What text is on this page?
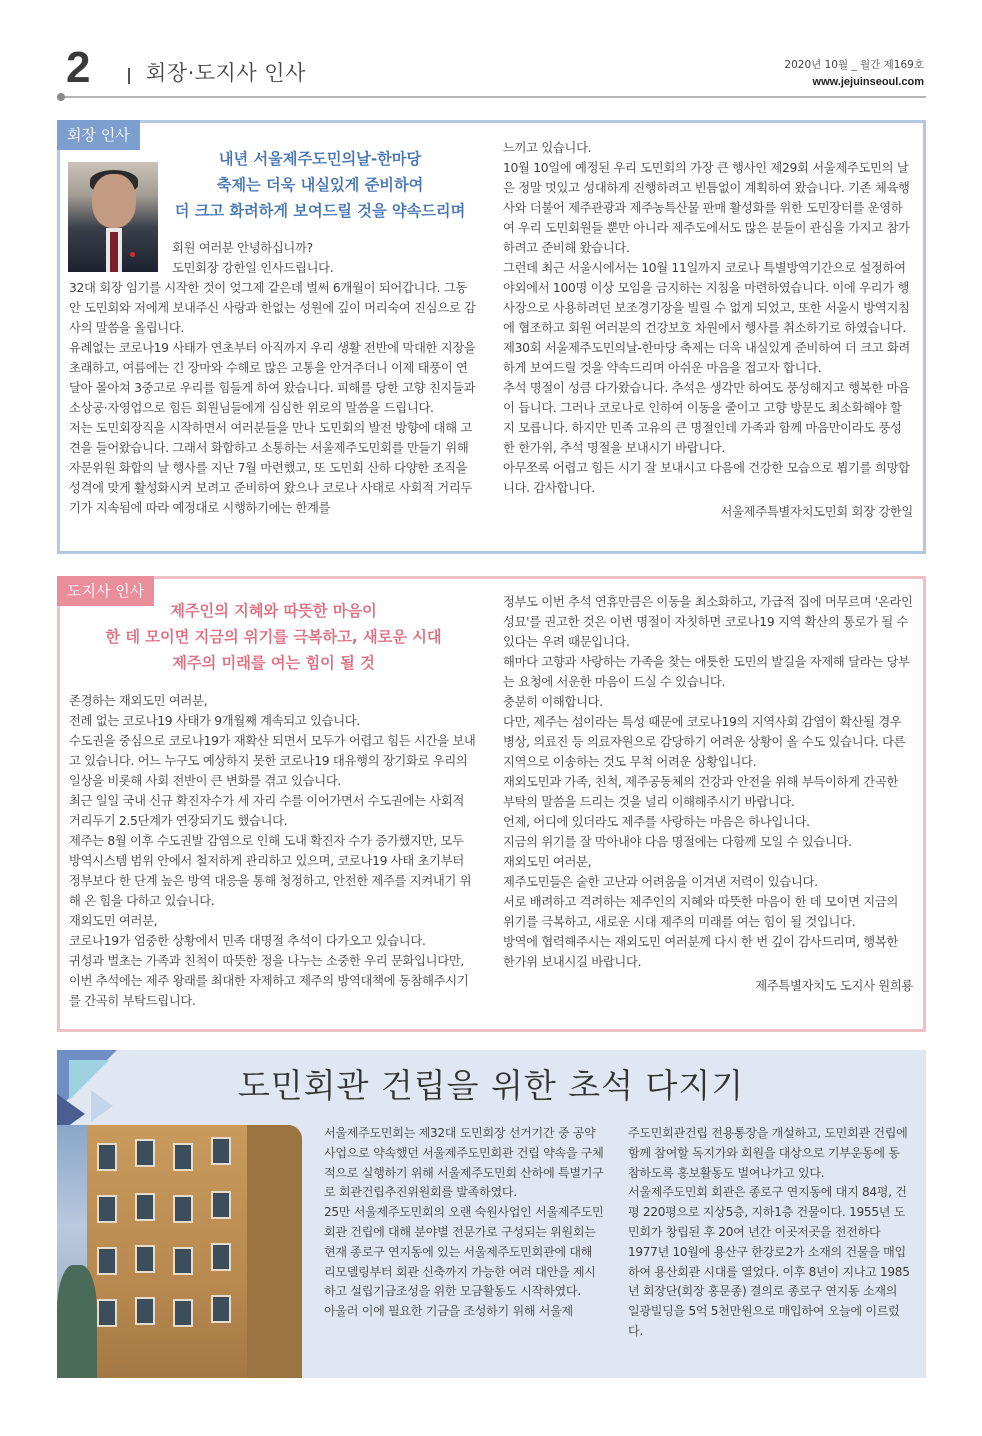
2	회장·도지사 인사	2020년 10월 _ 월간 제169호
www.jejuinseoul.com
회장 인사
내년 서울제주도민의날-한마당
축제는 더욱 내실있게 준비하여
더 크고 화려하게 보여드릴 것을 약속드리며

회원 여러분 안녕하십니까?

도민회장 강한일 인사드립니다.

32대 회장 임기를 시작한 것이 엊그제 같은데 벌써 6개월이 되어갑니다. 그동안 도민회와 저에게 보내주신 사랑과 한없는 성원에 깊이 머리숙여 진심으로 감사의 말씀을 올립니다.

유례없는 코로나19 사태가 연초부터 아직까지 우리 생활 전반에 막대한 지장을 초래하고, 여름에는 긴 장마와 수해로 많은 고통을 안겨주더니 이제 태풍이 연달아 몰아쳐 3중고로 우리를 힘들게 하여 왔습니다. 피해를 당한 고향 친지들과 소상공·자영업으로 힘든 회원님들에게 심심한 위로의 말씀을 드립니다.

저는 도민회장직을 시작하면서 여러분들을 만나 도민회의 발전 방향에 대해 고견을 들어왔습니다. 그래서 화합하고 소통하는 서울제주도민회를 만들기 위해 자문위원 화합의 날 행사를 지난 7월 마련했고, 또 도민회 산하 다양한 조직을 성격에 맞게 활성화시켜 보려고 준비하여 왔으나 코로나 사태로 사회적 거리두기가 지속됨에 따라 예정대로 시행하기에는 한계를

느끼고 있습니다.

10월 10일에 예정된 우리 도민회의 가장 큰 행사인 제29회 서울제주도민의 날은 정말 멋있고 성대하게 진행하려고 빈틈없이 계획하여 왔습니다. 기존 체육행사와 더불어 제주관광과 제주농특산물 판매 활성화를 위한 도민장터를 운영하여 우리 도민회원들 뿐만 아니라 제주도에서도 많은 분들이 관심을 가지고 참가하려고 준비해 왔습니다.

그런데 최근 서울시에서는 10월 11일까지 코로나 특별방역기간으로 설정하여 야외에서 100명 이상 모임을 금지하는 지침을 마련하였습니다. 이에 우리가 행사장으로 사용하려던 보조경기장을 빌릴 수 없게 되었고, 또한 서울시 방역지침에 협조하고 회원 여러분의 건강보호 차원에서 행사를 취소하기로 하였습니다. 제30회 서울제주도민의날-한마당 축제는 더욱 내실있게 준비하여 더 크고 화려하게 보여드릴 것을 약속드리며 아쉬운 마음을 접고자 합니다.

추석 명절이 성큼 다가왔습니다. 추석은 생각만 하여도 풍성해지고 행복한 마음이 듭니다. 그러나 코로나로 인하여 이동을 줄이고 고향 방문도 최소화해야 할지 모릅니다. 하지만 민족 고유의 큰 명절인데 가족과 함께 마음만이라도 풍성한 한가위, 추석 명절을 보내시기 바랍니다.

아무쪼록 어렵고 힘든 시기 잘 보내시고 다음에 건강한 모습으로 뵙기를 희망합니다. 감사합니다.

서울제주특별자치도민회 회장 강한일

도지사 인사
제주인의 지혜와 따뜻한 마음이
한 데 모이면 지금의 위기를 극복하고, 새로운 시대
제주의 미래를 여는 힘이 될 것

존경하는 재외도민 여러분,

전례 없는 코로나19 사태가 9개월째 계속되고 있습니다.

수도권을 중심으로 코로나19가 재확산 되면서 모두가 어렵고 힘든 시간을 보내고 있습니다. 어느 누구도 예상하지 못한 코로나19 대유행의 장기화로 우리의 일상을 비롯해 사회 전반이 큰 변화를 겪고 있습니다.

최근 일일 국내 신규 확진자수가 세 자리 수를 이어가면서 수도권에는 사회적 거리두기 2.5단계가 연장되기도 했습니다.

제주는 8월 이후 수도권발 감염으로 인해 도내 확진자 수가 증가했지만, 모두 방역시스템 범위 안에서 철저하게 관리하고 있으며, 코로나19 사태 초기부터 정부보다 한 단계 높은 방역 대응을 통해 청정하고, 안전한 제주를 지켜내기 위해 온 힘을 다하고 있습니다.

재외도민 여러분,

코로나19가 엄중한 상황에서 민족 대명절 추석이 다가오고 있습니다.

귀성과 벌초는 가족과 친척이 따뜻한 정을 나누는 소중한 우리 문화입니다만, 이번 추석에는 제주 왕래를 최대한 자제하고 제주의 방역대책에 동참해주시기를 간곡히 부탁드립니다.

정부도 이번 추석 연휴만큼은 이동을 최소화하고, 가급적 집에 머무르며 '온라인 성묘'를 권고한 것은 이번 명절이 자칫하면 코로나19 지역 확산의 통로가 될 수 있다는 우려 때문입니다.

해마다 고향과 사랑하는 가족을 찾는 애틋한 도민의 발길을 자제해 달라는 당부는 요청에 서운한 마음이 드실 수 있습니다.

충분히 이해합니다.

다만, 제주는 섬이라는 특성 때문에 코로나19의 지역사회 감염이 확산될 경우 병상, 의료진 등 의료자원으로 감당하기 어려운 상황이 올 수도 있습니다. 다른 지역으로 이송하는 것도 무척 어려운 상황입니다.

재외도민과 가족, 친척, 제주공동체의 건강과 안전을 위해 부득이하게 간곡한 부탁의 말씀을 드리는 것을 널리 이해해주시기 바랍니다.

언제, 어디에 있더라도 제주를 사랑하는 마음은 하나입니다.

지금의 위기를 잘 막아내야 다음 명절에는 다함께 모일 수 있습니다.

재외도민 여러분,

제주도민들은 숱한 고난과 어려움을 이겨낸 저력이 있습니다.

서로 배려하고 격려하는 제주인의 지혜와 따뜻한 마음이 한 데 모이면 지금의 위기를 극복하고, 새로운 시대 제주의 미래를 여는 힘이 될 것입니다.

방역에 협력해주시는 재외도민 여러분께 다시 한 번 깊이 감사드리며, 행복한 한가위 보내시길 바랍니다.

제주특별자치도 도지사 원희룡

도민회관 건립을 위한 초석 다지기

서울제주도민회는 제32대 도민회장 선거기간 중 공약사업으로 약속했던 서울제주도민회관 건립 약속을 구체적으로 실행하기 위해 서울제주도민회 산하에 특별기구로 회관건립추진위원회를 발족하였다.

25만 서울제주도민회의 오랜 숙원사업인 서울제주도민회관 건립에 대해 분야별 전문가로 구성되는 위원회는 현재 종로구 연지동에 있는 서울제주도민회관에 대해 리모델링부터 회관 신축까지 가능한 여러 대안을 제시하고 설립기금조성을 위한 모금활동도 시작하였다.

아울러 이에 필요한 기금을 조성하기 위해 서울제

주도민회관건립 전용통장을 개설하고, 도민회관 건립에 함께 참여할 독지가와 회원을 대상으로 기부운동에 동참하도록 홍보활동도 벌여나가고 있다.

서울제주도민회 회관은 종로구 연지동에 대지 84평, 건평 220평으로 지상5층, 지하1층 건물이다. 1955년 도민회가 창립된 후 20여 년간 이곳저곳을 전전하다 1977년 10월에 용산구 한강로2가 소재의 건물을 매입하여 용산회관 시대를 열었다. 이후 8년이 지나고 1985년 회장단(회장 홍문종) 결의로 종로구 연지동 소재의 일광빌딩을 5억 5천만원으로 매입하여 오늘에 이르렀다.
